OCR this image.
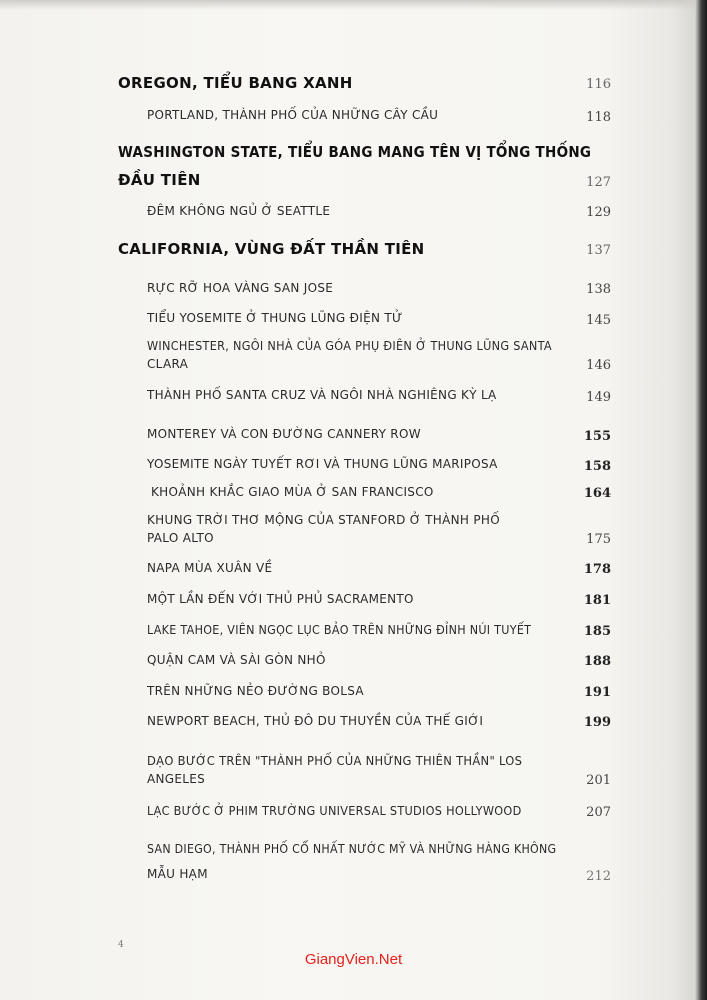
OREGON, TIỂU BANG XANH	116
PORTLAND, THÀNH PHỐ CỦA NHỮNG CÂY CẦU	118
WASHINGTON STATE, TIỂU BANG MANG TÊN VỊ TỔNG THỐNG
ĐẦU TIÊN	127
ĐÊM KHÔNG NGỦ Ở SEATTLE	129
CALIFORNIA, VÙNG ĐẤT THẦN TIÊN	137
RỰC RỠ HOA VÀNG SAN JOSE	138
TIỂU YOSEMITE Ở THUNG LŨNG ĐIỆN TỬ	145
WINCHESTER, NGÔI NHÀ CỦA GÓA PHỤ ĐIÊN Ở THUNG LŨNG SANTA
CLARA	146
THÀNH PHỐ SANTA CRUZ VÀ NGÔI NHÀ NGHIÊNG KỲ LẠ	149
MONTEREY VÀ CON ĐƯỜNG CANNERY ROW	155
YOSEMITE NGÀY TUYẾT RƠI VÀ THUNG LŨNG MARIPOSA	158
KHOẢNH KHẮC GIAO MÙA Ở SAN FRANCISCO	164
KHUNG TRỜI THƠ MỘNG CỦA STANFORD Ở THÀNH PHỐ
PALO ALTO	175
NAPA MÙA XUÂN VỀ	178
MỘT LẦN ĐẾN VỚI THỦ PHỦ SACRAMENTO	181
LAKE TAHOE, VIÊN NGỌC LỤC BẢO TRÊN NHỮNG ĐỈNH NÚI TUYẾT	185
QUẬN CAM VÀ SÀI GÒN NHỎ	188
TRÊN NHỮNG NẺO ĐƯỜNG BOLSA	191
NEWPORT BEACH, THỦ ĐÔ DU THUYỀN CỦA THẾ GIỚI	199
DẠO BƯỚC TRÊN "THÀNH PHỐ CỦA NHỮNG THIÊN THẦN" LOS
ANGELES	201
LẠC BƯỚC Ở PHIM TRƯỜNG UNIVERSAL STUDIOS HOLLYWOOD	207
SAN DIEGO, THÀNH PHỐ CỔ NHẤT NƯỚC MỸ VÀ NHỮNG HÀNG KHÔNG
MẪU HẠM	212
4
GiangVien.Net
